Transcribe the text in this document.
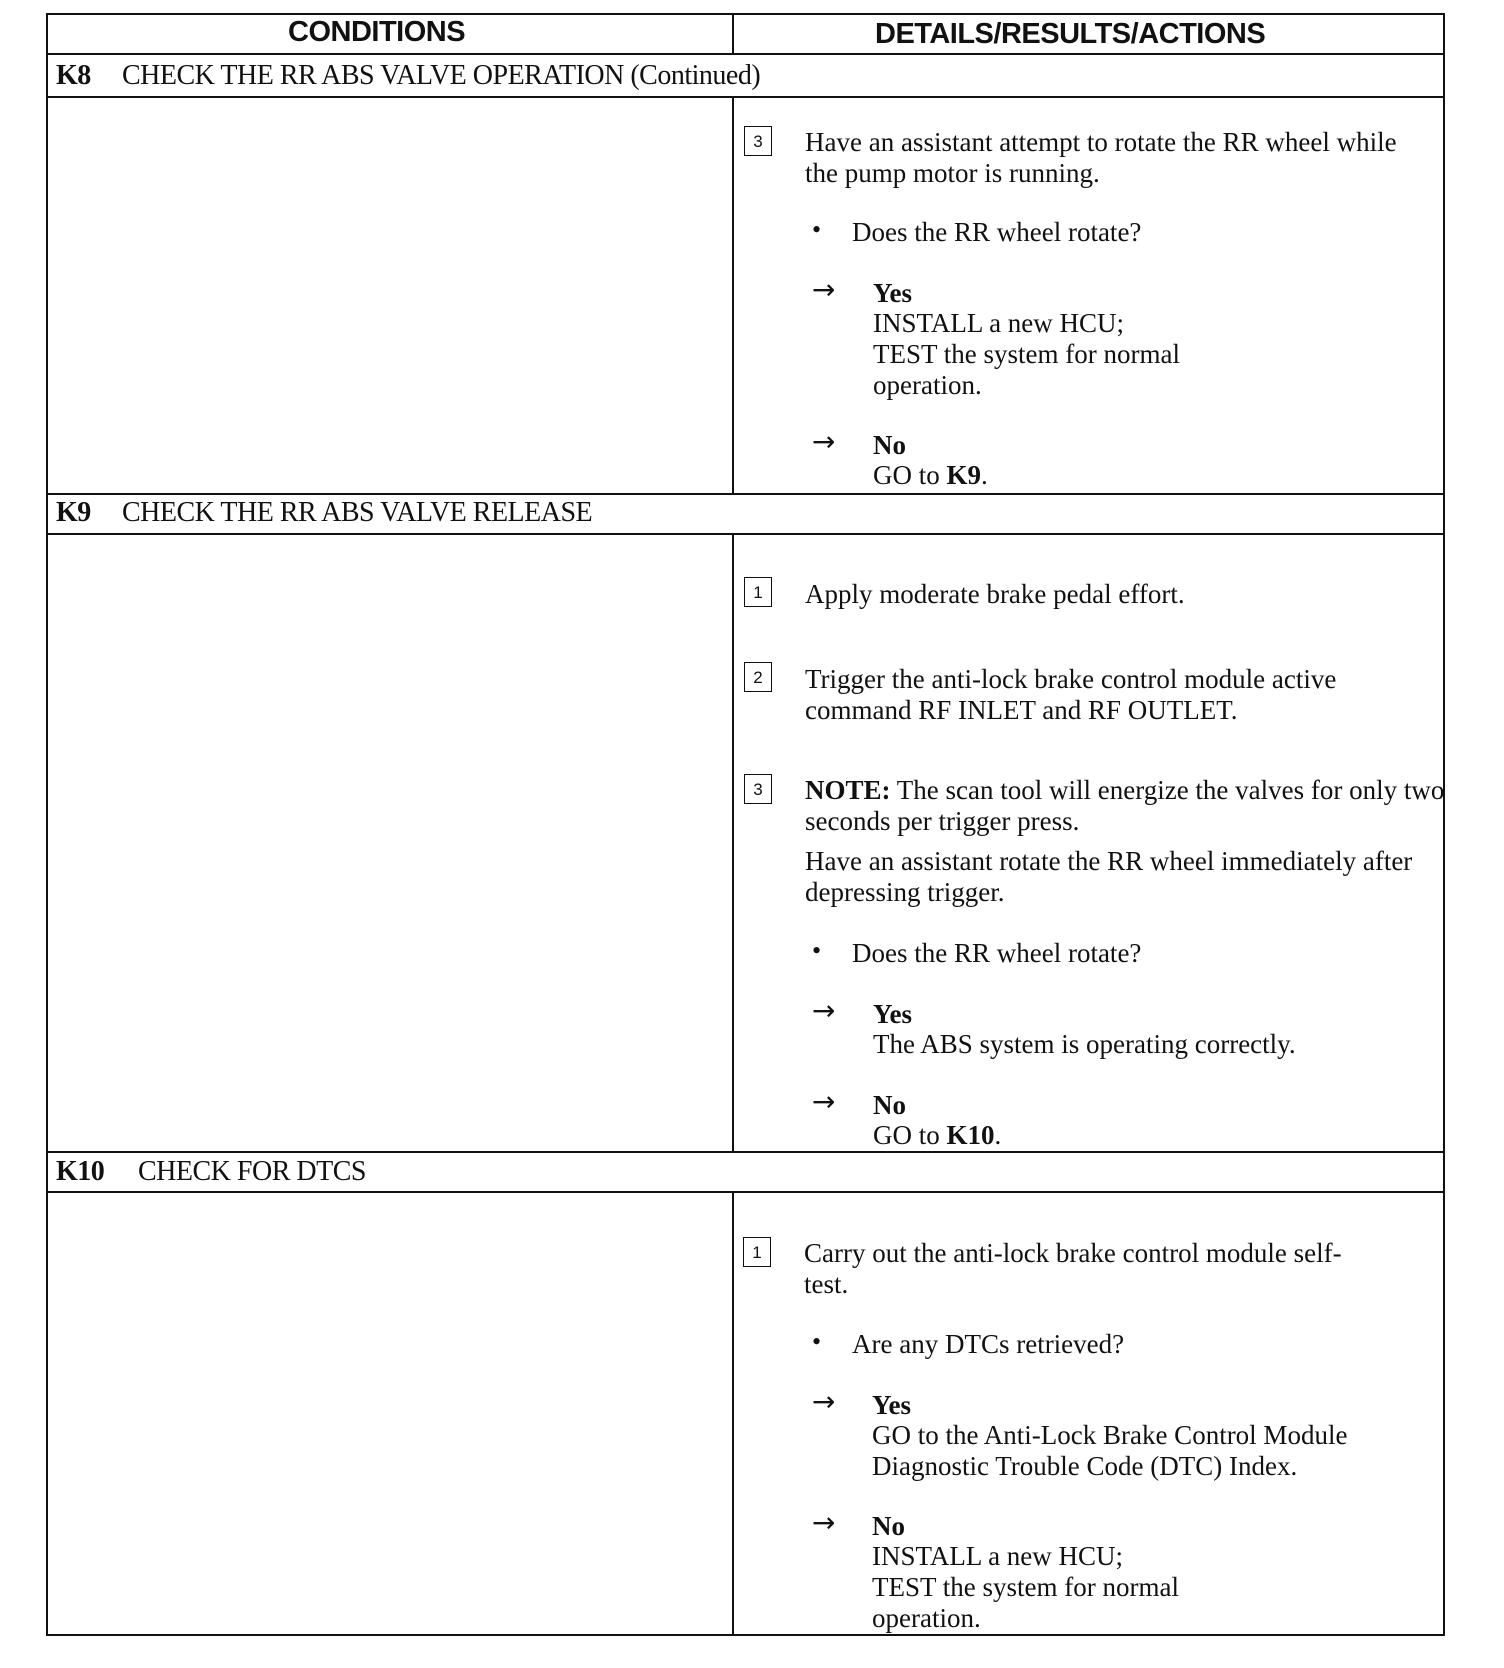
CONDITIONS	DETAILS/RESULTS/ACTIONS
K8 CHECK THE RR ABS VALVE OPERATION (Continued)
3	Have an assistant attempt to rotate the RR wheel while the pump motor is running.
• Does the RR wheel rotate?
→ Yes
INSTALL a new HCU;
TEST the system for normal operation.
→ No
GO to K9.
K9 CHECK THE RR ABS VALVE RELEASE
1	Apply moderate brake pedal effort.
2	Trigger the anti-lock brake control module active command RF INLET and RF OUTLET.
3	NOTE: The scan tool will energize the valves for only two seconds per trigger press.
Have an assistant rotate the RR wheel immediately after depressing trigger.
• Does the RR wheel rotate?
→ Yes
The ABS system is operating correctly.
→ No
GO to K10.
K10 CHECK FOR DTCS
1	Carry out the anti-lock brake control module self-test.
• Are any DTCs retrieved?
→ Yes
GO to the Anti-Lock Brake Control Module Diagnostic Trouble Code (DTC) Index.
→ No
INSTALL a new HCU;
TEST the system for normal operation.
